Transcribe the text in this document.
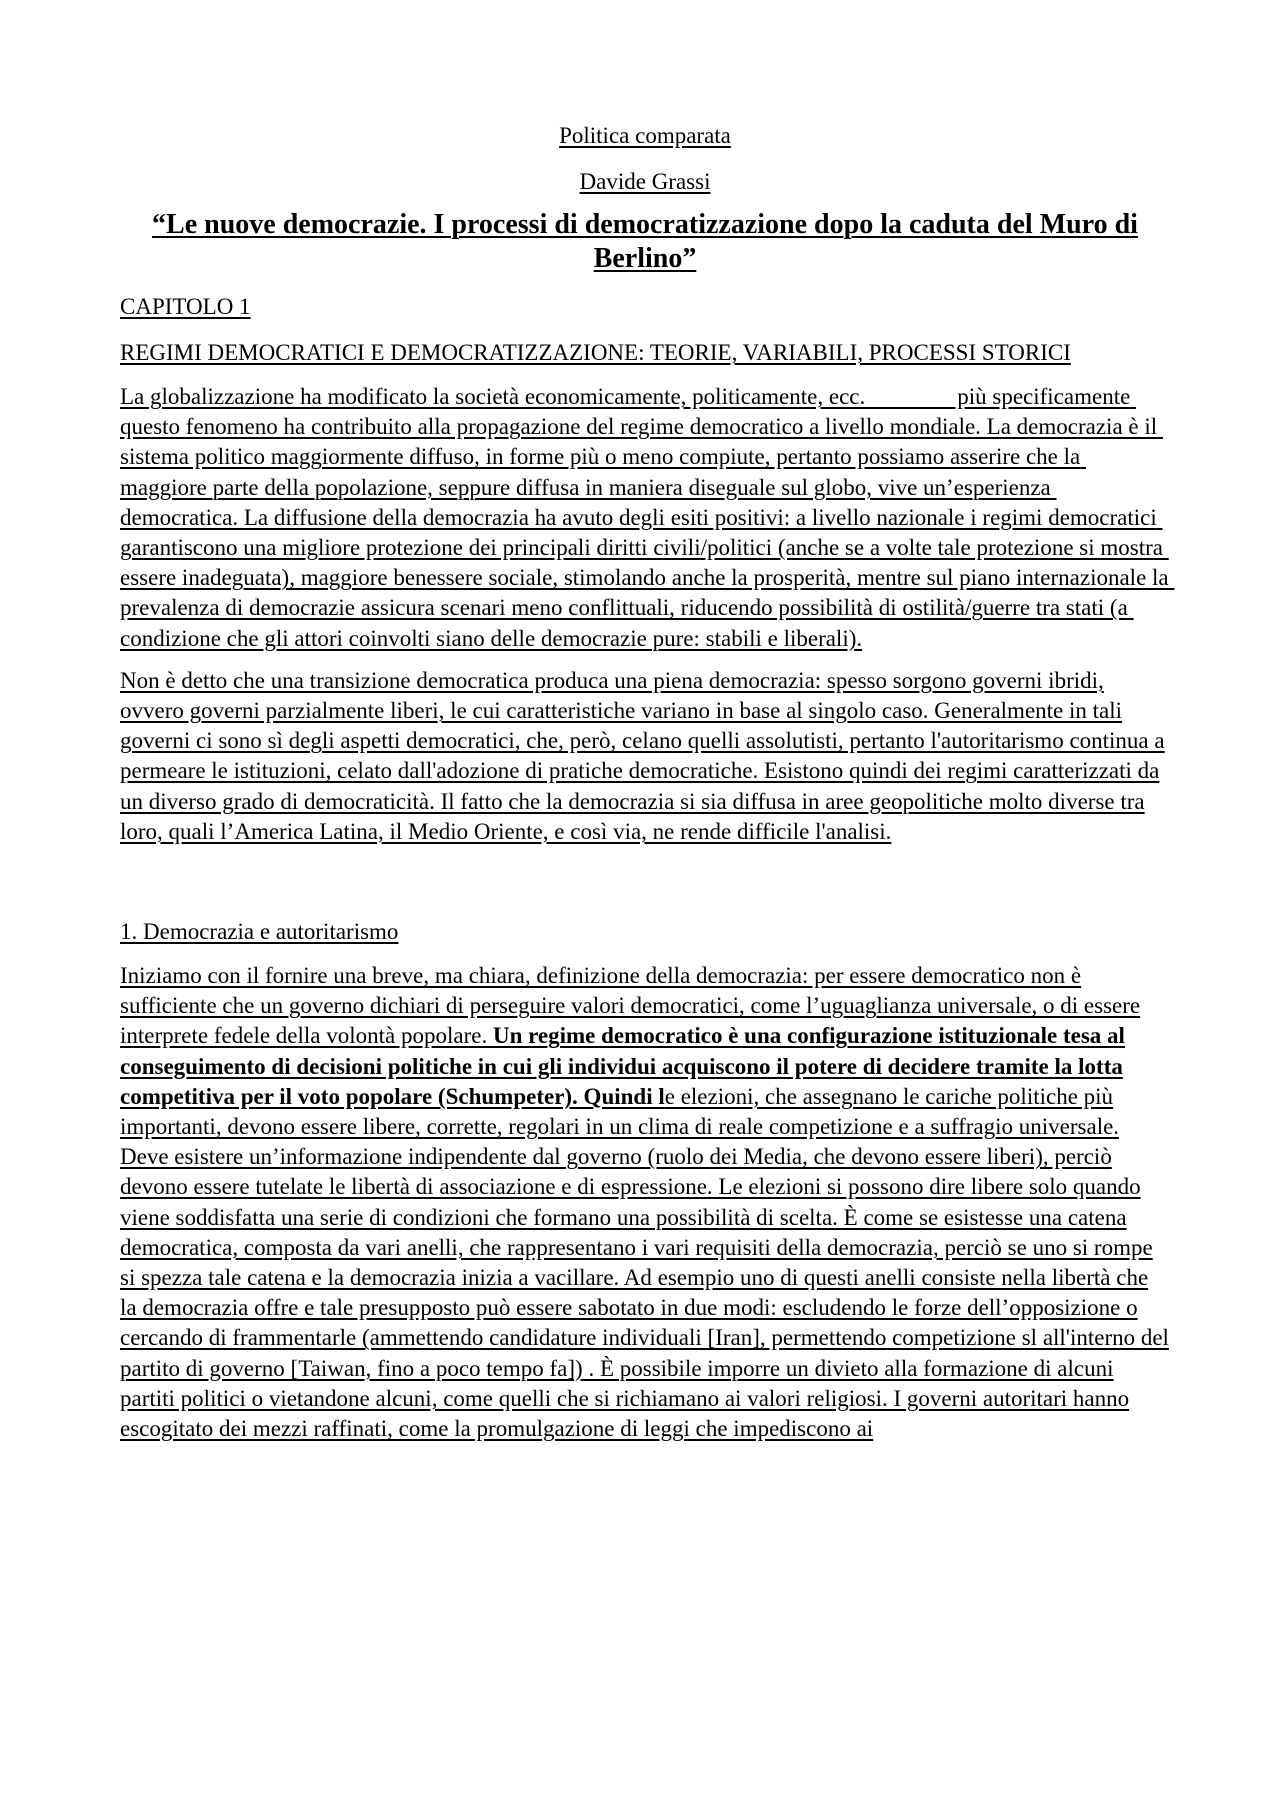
Politica comparata
Davide Grassi
“Le nuove democrazie. I processi di democratizzazione dopo la caduta del Muro di Berlino”
CAPITOLO 1
REGIMI DEMOCRATICI E DEMOCRATIZZAZIONE: TEORIE, VARIABILI, PROCESSI STORICI

La globalizzazione ha modificato la società economicamente, politicamente, ecc.                più specificamente questo fenomeno ha contribuito alla propagazione del regime democratico a livello mondiale. La democrazia è il sistema politico maggiormente diffuso, in forme più o meno compiute, pertanto possiamo asserire che la maggiore parte della popolazione, seppure diffusa in maniera diseguale sul globo, vive un’esperienza democratica. La diffusione della democrazia ha avuto degli esiti positivi: a livello nazionale i regimi democratici garantiscono una migliore protezione dei principali diritti civili/politici (anche se a volte tale protezione si mostra essere inadeguata), maggiore benessere sociale, stimolando anche la prosperità, mentre sul piano internazionale la prevalenza di democrazie assicura scenari meno conflittuali, riducendo possibilità di ostilità/guerre tra stati (a condizione che gli attori coinvolti siano delle democrazie pure: stabili e liberali).

Non è detto che una transizione democratica produca una piena democrazia: spesso sorgono governi ibridi, ovvero governi parzialmente liberi, le cui caratteristiche variano in base al singolo caso. Generalmente in tali governi ci sono sì degli aspetti democratici, che, però, celano quelli assolutisti, pertanto l'autoritarismo continua a permeare le istituzioni, celato dall'adozione di pratiche democratiche. Esistono quindi dei regimi caratterizzati da un diverso grado di democraticità. Il fatto che la democrazia si sia diffusa in aree geopolitiche molto diverse tra loro, quali l’America Latina, il Medio Oriente, e così via, ne rende difficile l'analisi.

1. Democrazia e autoritarismo

Iniziamo con il fornire una breve, ma chiara, definizione della democrazia: per essere democratico non è sufficiente che un governo dichiari di perseguire valori democratici, come l’uguaglianza universale, o di essere interprete fedele della volontà popolare. Un regime democratico è una configurazione istituzionale tesa al conseguimento di decisioni politiche in cui gli individui acquiscono il potere di decidere tramite la lotta competitiva per il voto popolare (Schumpeter). Quindi le elezioni, che assegnano le cariche politiche più importanti, devono essere libere, corrette, regolari in un clima di reale competizione e a suffragio universale. Deve esistere un’informazione indipendente dal governo (ruolo dei Media, che devono essere liberi), perciò devono essere tutelate le libertà di associazione e di espressione. Le elezioni si possono dire libere solo quando viene soddisfatta una serie di condizioni che formano una possibilità di scelta. È come se esistesse una catena democratica, composta da vari anelli, che rappresentano i vari requisiti della democrazia, perciò se uno si rompe si spezza tale catena e la democrazia inizia a vacillare. Ad esempio uno di questi anelli consiste nella libertà che la democrazia offre e tale presupposto può essere sabotato in due modi: escludendo le forze dell’opposizione o cercando di frammentarle (ammettendo candidature individuali [Iran], permettendo competizione sl all'interno del partito di governo [Taiwan, fino a poco tempo fa]) . È possibile imporre un divieto alla formazione di alcuni partiti politici o vietandone alcuni, come quelli che si richiamano ai valori religiosi. I governi autoritari hanno escogitato dei mezzi raffinati, come la promulgazione di leggi che impediscono ai
